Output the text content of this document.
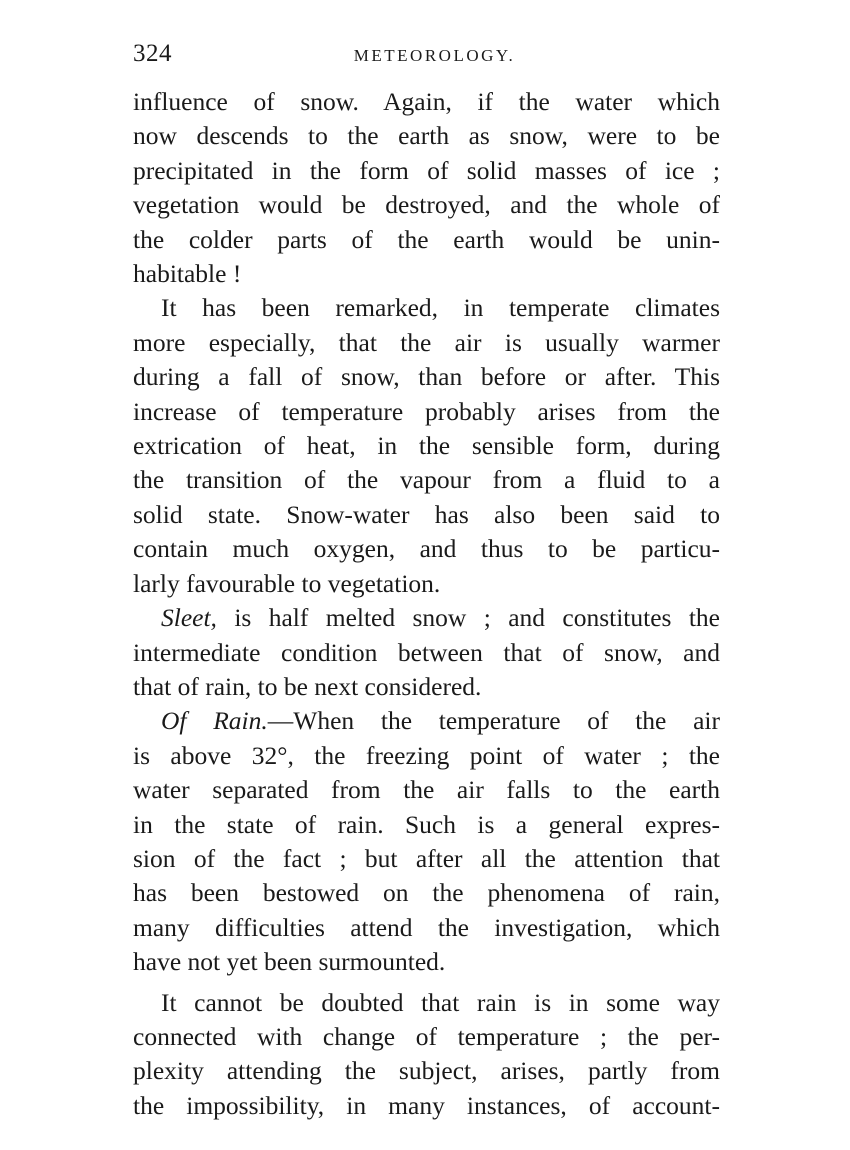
324	METEOROLOGY.
influence of snow. Again, if the water which
now descends to the earth as snow, were to be
precipitated in the form of solid masses of ice ;
vegetation would be destroyed, and the whole of
the colder parts of the earth would be unin-
habitable !
It has been remarked, in temperate climates
more especially, that the air is usually warmer
during a fall of snow, than before or after. This
increase of temperature probably arises from the
extrication of heat, in the sensible form, during
the transition of the vapour from a fluid to a
solid state. Snow-water has also been said to
contain much oxygen, and thus to be particu-
larly favourable to vegetation.
Sleet, is half melted snow ; and constitutes the
intermediate condition between that of snow, and
that of rain, to be next considered.
Of Rain.—When the temperature of the air
is above 32°, the freezing point of water ; the
water separated from the air falls to the earth
in the state of rain. Such is a general expres-
sion of the fact ; but after all the attention that
has been bestowed on the phenomena of rain,
many difficulties attend the investigation, which
have not yet been surmounted.
It cannot be doubted that rain is in some way
connected with change of temperature ; the per-
plexity attending the subject, arises, partly from
the impossibility, in many instances, of account-
